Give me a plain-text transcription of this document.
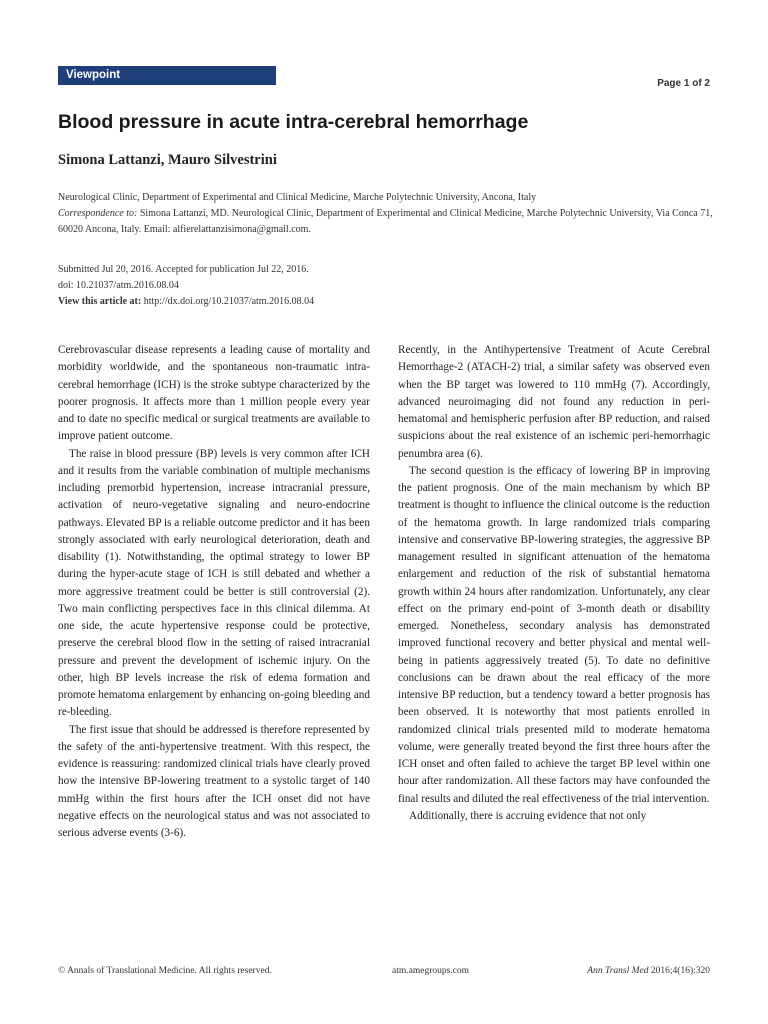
Viewpoint
Page 1 of 2
Blood pressure in acute intra-cerebral hemorrhage
Simona Lattanzi, Mauro Silvestrini

Neurological Clinic, Department of Experimental and Clinical Medicine, Marche Polytechnic University, Ancona, Italy

Correspondence to: Simona Lattanzi, MD. Neurological Clinic, Department of Experimental and Clinical Medicine, Marche Polytechnic University, Via Conca 71, 60020 Ancona, Italy. Email: alfierelattanzisimona@gmail.com.

Submitted Jul 20, 2016. Accepted for publication Jul 22, 2016.

doi: 10.21037/atm.2016.08.04

View this article at: http://dx.doi.org/10.21037/atm.2016.08.04

Cerebrovascular disease represents a leading cause of mortality and morbidity worldwide, and the spontaneous non-traumatic intra-cerebral hemorrhage (ICH) is the stroke subtype characterized by the poorer prognosis. It affects more than 1 million people every year and to date no specific medical or surgical treatments are available to improve patient outcome.

The raise in blood pressure (BP) levels is very common after ICH and it results from the variable combination of multiple mechanisms including premorbid hypertension, increase intracranial pressure, activation of neuro-vegetative signaling and neuro-endocrine pathways. Elevated BP is a reliable outcome predictor and it has been strongly associated with early neurological deterioration, death and disability (1). Notwithstanding, the optimal strategy to lower BP during the hyper-acute stage of ICH is still debated and whether a more aggressive treatment could be better is still controversial (2). Two main conflicting perspectives face in this clinical dilemma. At one side, the acute hypertensive response could be protective, preserve the cerebral blood flow in the setting of raised intracranial pressure and prevent the development of ischemic injury. On the other, high BP levels increase the risk of edema formation and promote hematoma enlargement by enhancing on-going bleeding and re-bleeding.

The first issue that should be addressed is therefore represented by the safety of the anti-hypertensive treatment. With this respect, the evidence is reassuring: randomized clinical trials have clearly proved how the intensive BP-lowering treatment to a systolic target of 140 mmHg within the first hours after the ICH onset did not have negative effects on the neurological status and was not associated to serious adverse events (3-6).

Recently, in the Antihypertensive Treatment of Acute Cerebral Hemorrhage-2 (ATACH-2) trial, a similar safety was observed even when the BP target was lowered to 110 mmHg (7). Accordingly, advanced neuroimaging did not found any reduction in peri-hematomal and hemispheric perfusion after BP reduction, and raised suspicions about the real existence of an ischemic peri-hemorrhagic penumbra area (6).

The second question is the efficacy of lowering BP in improving the patient prognosis. One of the main mechanism by which BP treatment is thought to influence the clinical outcome is the reduction of the hematoma growth. In large randomized trials comparing intensive and conservative BP-lowering strategies, the aggressive BP management resulted in significant attenuation of the hematoma enlargement and reduction of the risk of substantial hematoma growth within 24 hours after randomization. Unfortunately, any clear effect on the primary end-point of 3-month death or disability emerged. Nonetheless, secondary analysis has demonstrated improved functional recovery and better physical and mental well-being in patients aggressively treated (5). To date no definitive conclusions can be drawn about the real efficacy of the more intensive BP reduction, but a tendency toward a better prognosis has been observed. It is noteworthy that most patients enrolled in randomized clinical trials presented mild to moderate hematoma volume, were generally treated beyond the first three hours after the ICH onset and often failed to achieve the target BP level within one hour after randomization. All these factors may have confounded the final results and diluted the real effectiveness of the trial intervention.

Additionally, there is accruing evidence that not only

© Annals of Translational Medicine. All rights reserved.	atm.amegroups.com	Ann Transl Med 2016;4(16):320
